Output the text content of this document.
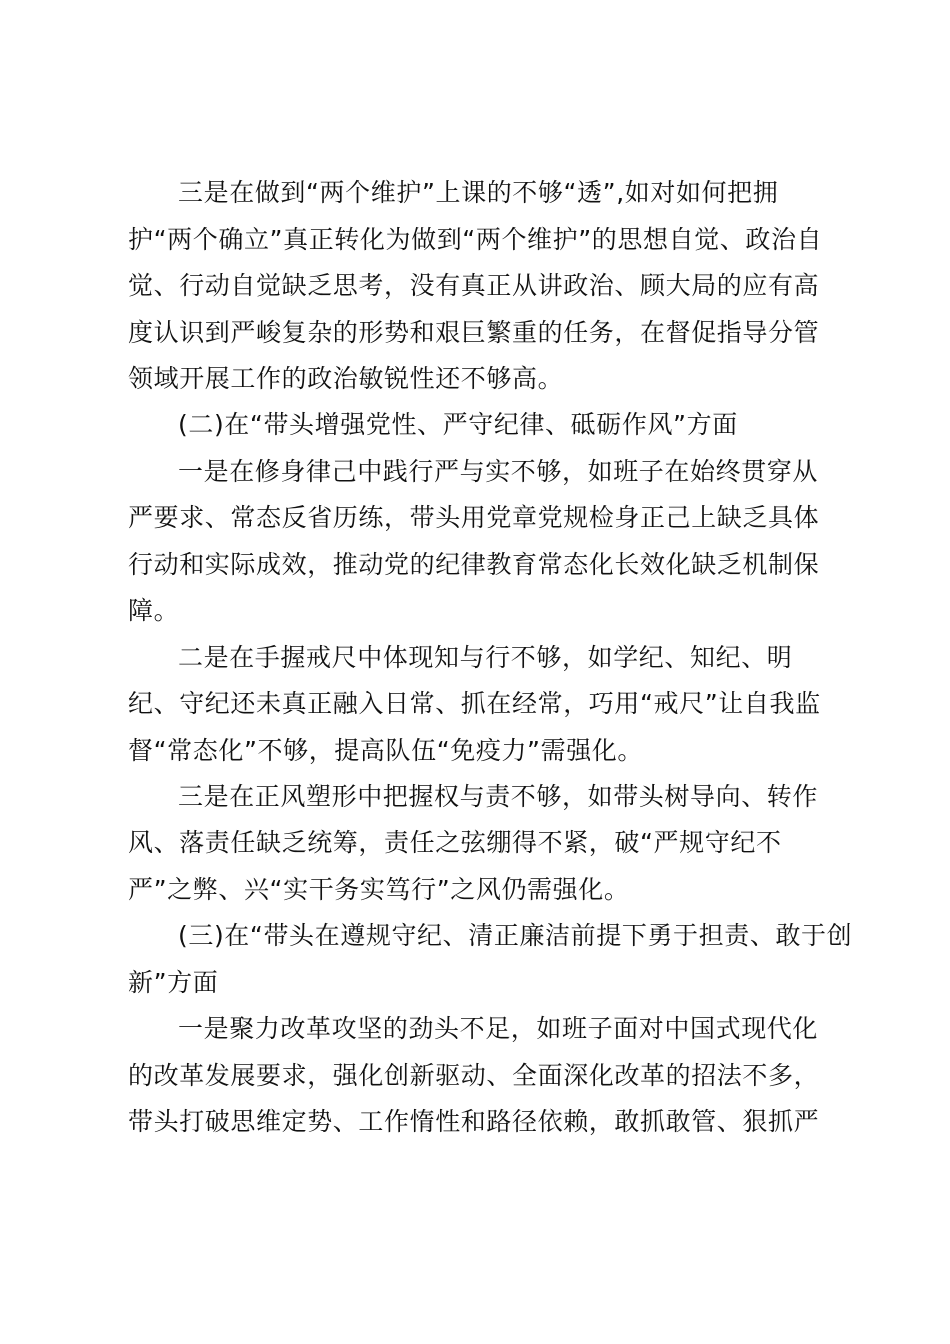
三是在做到“两个维护”上课的不够“透”,如对如何把拥
护“两个确立”真正转化为做到“两个维护”的思想自觉、政治自
觉、行动自觉缺乏思考，没有真正从讲政治、顾大局的应有高
度认识到严峻复杂的形势和艰巨繁重的任务，在督促指导分管
领域开展工作的政治敏锐性还不够高。
(二)在“带头增强党性、严守纪律、砥砺作风”方面
一是在修身律己中践行严与实不够，如班子在始终贯穿从
严要求、常态反省历练，带头用党章党规检身正己上缺乏具体
行动和实际成效，推动党的纪律教育常态化长效化缺乏机制保
障。
二是在手握戒尺中体现知与行不够，如学纪、知纪、明
纪、守纪还未真正融入日常、抓在经常，巧用“戒尺”让自我监
督“常态化”不够，提高队伍“免疫力”需强化。
三是在正风塑形中把握权与责不够，如带头树导向、转作
风、落责任缺乏统筹，责任之弦绷得不紧，破“严规守纪不
严”之弊、兴“实干务实笃行”之风仍需强化。
(三)在“带头在遵规守纪、清正廉洁前提下勇于担责、敢于创
新”方面
一是聚力改革攻坚的劲头不足，如班子面对中国式现代化
的改革发展要求，强化创新驱动、全面深化改革的招法不多，
带头打破思维定势、工作惰性和路径依赖，敢抓敢管、狠抓严
